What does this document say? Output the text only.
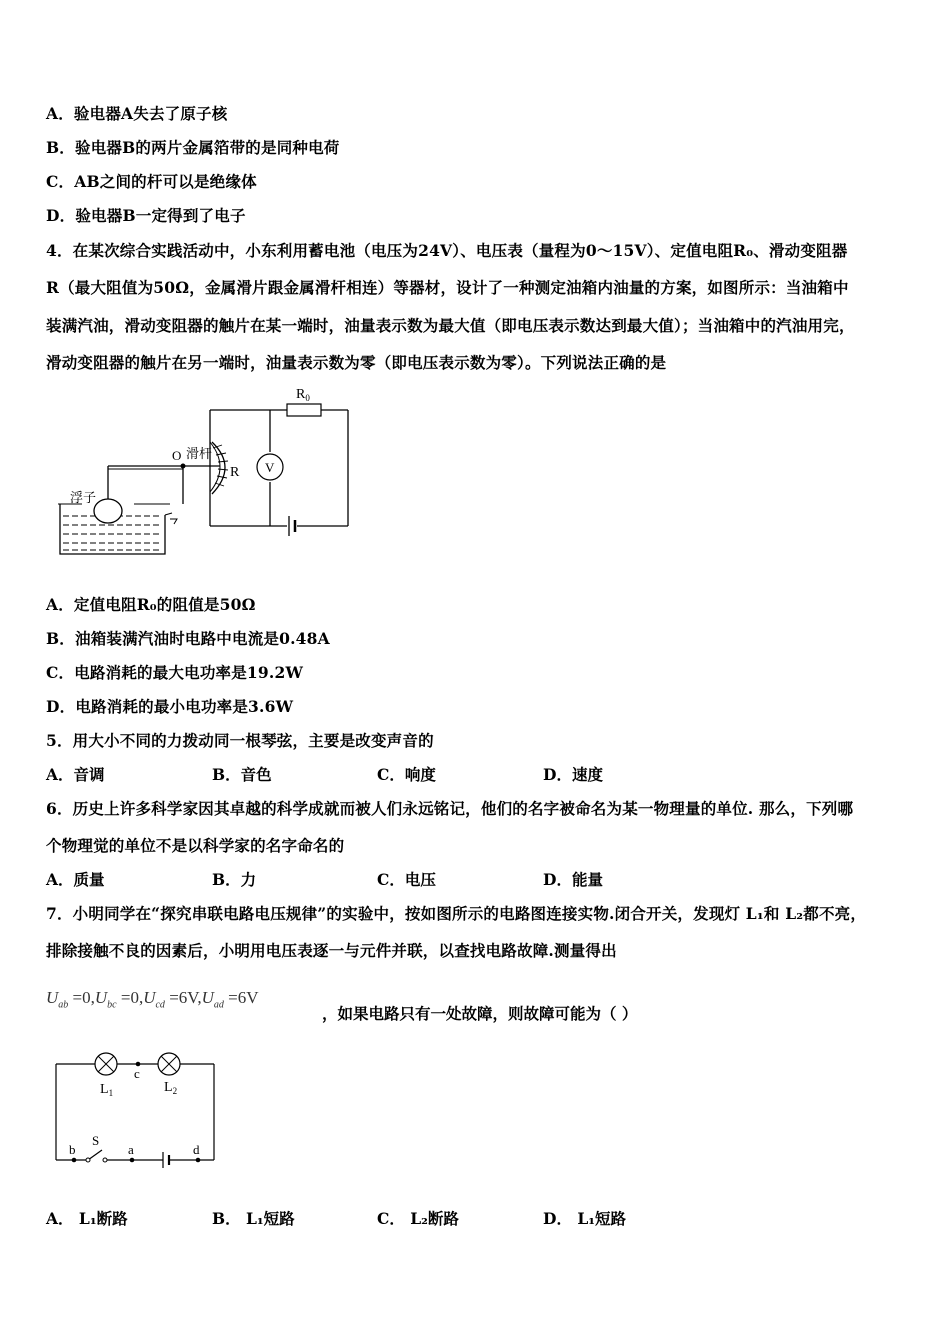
A．验电器A失去了原子核
B．验电器B的两片金属箔带的是同种电荷
C．AB之间的杆可以是绝缘体
D．验电器B一定得到了电子
4．在某次综合实践活动中，小东利用蓄电池（电压为24V）、电压表（量程为0～15V）、定值电阻R₀、滑动变阻器
R（最大阻值为50Ω，金属滑片跟金属滑杆相连）等器材，设计了一种测定油箱内油量的方案，如图所示：当油箱中
装满汽油，滑动变阻器的触片在某一端时，油量表示数为最大值（即电压表示数达到最大值）；当油箱中的汽油用完，
滑动变阻器的触片在另一端时，油量表示数为零（即电压表示数为零）。下列说法正确的是
$R_0$
V
R
O 滑杆
浮子
A．定值电阻R₀的阻值是50Ω
B．油箱装满汽油时电路中电流是0.48A
C．电路消耗的最大电功率是19.2W
D．电路消耗的最小电功率是3.6W
5．用大小不同的力拨动同一根琴弦，主要是改变声音的
A．音调	B．音色	C．响度	D．速度
6．历史上许多科学家因其卓越的科学成就而被人们永远铭记，他们的名字被命名为某一物理量的单位. 那么，下列哪
个物理觉的单位不是以科学家的名字命名的
A．质量	B．力	C．电压	D．能量
7．小明同学在“探究串联电路电压规律”的实验中，按如图所示的电路图连接实物.闭合开关，发现灯 L₁和 L₂都不亮，
排除接触不良的因素后，小明用电压表逐一与元件并联，以查找电路故障.测量得出
$U_{ab} =0,U_{bc} =0,U_{cd} =6V,U_{ad} =6V$
，如果电路只有一处故障，则故障可能为（ ）
$L_1$
c
$L_2$
b
S
a	d
A． L₁断路	B． L₁短路	C． L₂断路	D． L₁短路
